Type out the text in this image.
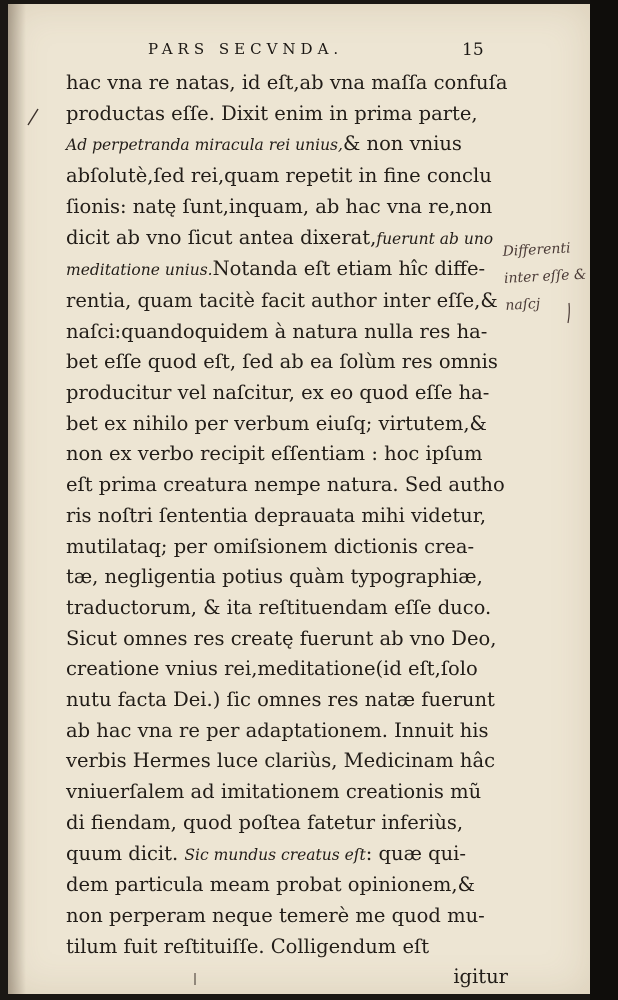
PARS SECVNDA.	15
hac vna re natas, id eſt,ab vna maſſa confuſa
productas eſſe. Dixit enim in prima parte,
Ad perpetranda miracula rei unius,& non vnius
abſolutè,ſed rei,quam repetit in fine conclu
ſionis: natę ſunt,inquam, ab hac vna re,non
dicit ab vno ſicut antea dixerat,fuerunt ab uno
meditatione unius.Notanda eſt etiam hîc diffe-
rentia, quam tacitè facit author inter eſſe,&
naſci:quandoquidem à natura nulla res ha-
bet eſſe quod eſt, ſed ab ea ſolùm res omnis
producitur vel naſcitur, ex eo quod eſſe ha-
bet ex nihilo per verbum eiuſq; virtutem,&
non ex verbo recipit eſſentiam : hoc ipſum
eſt prima creatura nempe natura. Sed autho
ris noſtri ſententia deprauata mihi videtur,
mutilataq; per omiſsionem dictionis crea-
tæ, negligentia potius quàm typographiæ,
traductorum, & ita reſtituendam eſſe duco.
Sicut omnes res creatę fuerunt ab vno Deo,
creatione vnius rei,meditatione(id eſt,ſolo
nutu facta Dei.) ſic omnes res natæ fuerunt
ab hac vna re per adaptationem. Innuit his
verbis Hermes luce clariùs, Medicinam hâc
vniuerſalem ad imitationem creationis mũ
di fiendam, quod poſtea fatetur inferiùs,
quum dicit. Sic mundus creatus eſt: quæ qui-
dem particula meam probat opinionem,&
non perperam neque temerè me quod mu-
tilum fuit reſtituiſſe. Colligendum eſt
igitur
Differenti
inter eſſe &
naſcj
